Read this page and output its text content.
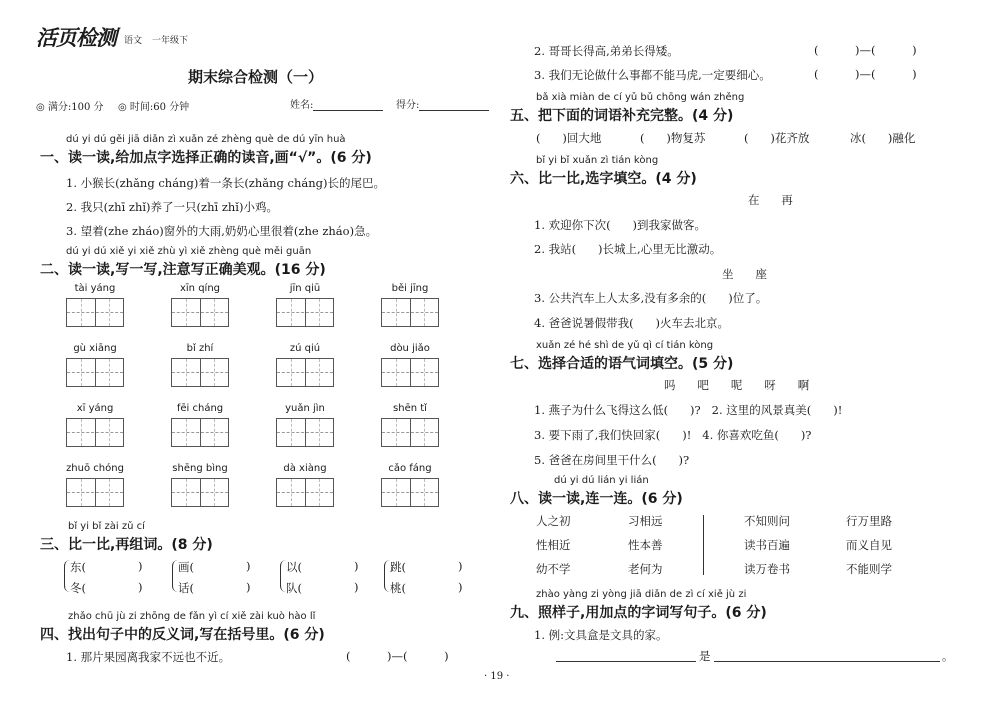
活页检测 语文 一年级下
期末综合检测（一）
◎ 满分:100 分 ◎ 时间:60 分钟	姓名:	得分:
dú yi dú gěi jiā diǎn zì xuǎn zé zhèng què de dú yīn huà
一、读一读,给加点字选择正确的读音,画“√”。(6 分)
1. 小猴长(zhǎng cháng)着一条长(zhǎng cháng)长的尾巴。
2. 我只(zhī zhǐ)养了一只(zhī zhǐ)小鸡。
3. 望着(zhe zháo)窗外的大雨,奶奶心里很着(zhe zháo)急。
dú yi dú xiě yi xiě zhù yì xiě zhèng què měi guān
二、读一读,写一写,注意写正确美观。(16 分)
tài yáng	xīn qíng	jīn qiū	běi jīng
gù xiāng	bǐ zhí	zú qiú	dòu jiǎo
xī yáng	fēi cháng	yuǎn jìn	shēn tǐ
zhuō chóng	shēng bìng	dà xiàng	cǎo fáng
bǐ yi bǐ zài zǔ cí
三、比一比,再组词。(8 分)
东(	)
冬(	)
画(	)
话(	)
以(	)
队(	)
跳(	)
桃(	)
zhǎo chū jù zi zhōng de fǎn yì cí xiě zài kuò hào lǐ
四、找出句子中的反义词,写在括号里。(6 分)
1. 那片果园离我家不远也不近。	(          )—(          )
· 19 ·
2. 哥哥长得高,弟弟长得矮。	(          )—(          )
3. 我们无论做什么事都不能马虎,一定要细心。	(          )—(          )
bǎ xià miàn de cí yǔ bǔ chōng wán zhěng
五、把下面的词语补充完整。(4 分)
(      )回大地	(      )物复苏	(      )花齐放	冰(      )融化
bǐ yi bǐ xuǎn zì tián kòng
六、比一比,选字填空。(4 分)
在      再
1. 欢迎你下次(      )到我家做客。
2. 我站(      )长城上,心里无比激动。
坐      座
3. 公共汽车上人太多,没有多余的(      )位了。
4. 爸爸说暑假带我(      )火车去北京。
xuǎn zé hé shì de yǔ qì cí tián kòng
七、选择合适的语气词填空。(5 分)
吗      吧      呢      呀      啊
1. 燕子为什么飞得这么低(      )?   2. 这里的风景真美(      )!
3. 要下雨了,我们快回家(      )!   4. 你喜欢吃鱼(      )?
5. 爸爸在房间里干什么(      )?
dú yi dú lián yi lián
八、读一读,连一连。(6 分)
人之初	习相远
性相近	性本善
幼不学	老何为
不知则问	行万里路
读书百遍	而义自见
读万卷书	不能则学
zhào yàng zi yòng jiā diǎn de zì cí xiě jù zi
九、照样子,用加点的字词写句子。(6 分)
1. 例:文具盒是文具的家。
是	。
